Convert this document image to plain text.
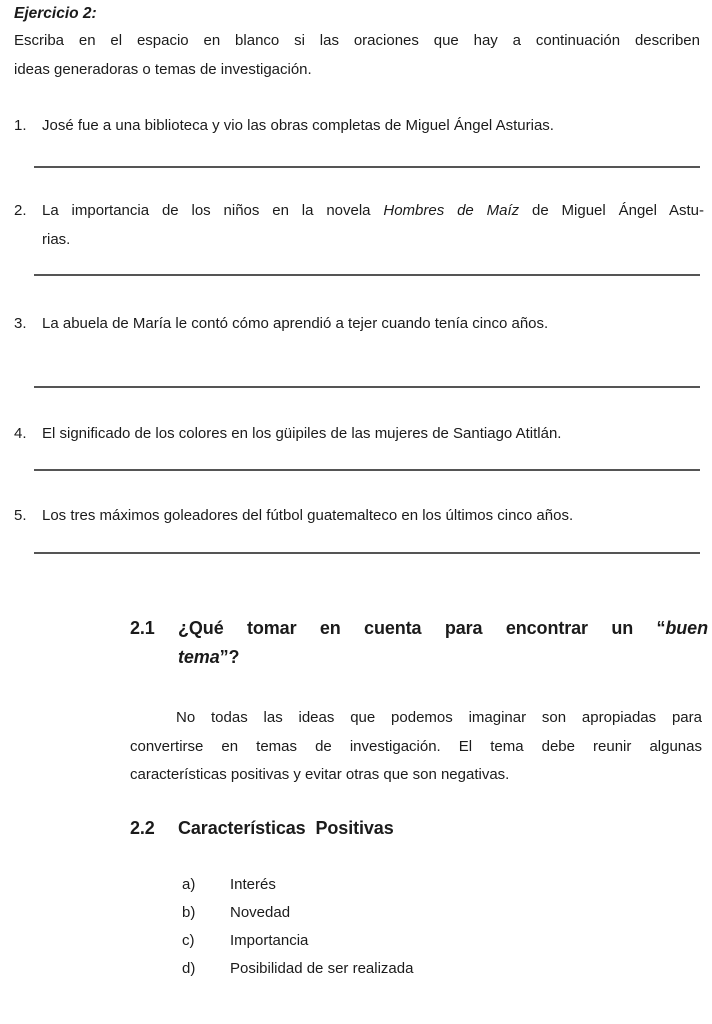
Ejercicio 2:
Escriba en el espacio en blanco si las oraciones que hay a continuación describen
ideas generadoras o temas de investigación.
1.	José fue a una biblioteca y vio las obras completas de Miguel Ángel Asturias.
2.	La importancia de los niños en la novela Hombres de Maíz de Miguel Ángel Astu-
rias.
3.	La abuela de María le contó cómo aprendió a tejer cuando tenía cinco años.
4.	El significado de los colores en los güipiles de las mujeres de Santiago Atitlán.
5.	Los tres máximos goleadores del fútbol guatemalteco en los últimos cinco años.
2.1	¿Qué tomar en cuenta para encontrar un “buen
tema”?
No todas las ideas que podemos imaginar son apropiadas para
convertirse en temas de investigación. El tema debe reunir algunas
características positivas y evitar otras que son negativas.
2.2	Características Positivas
a)	Interés
b)	Novedad
c)	Importancia
d)	Posibilidad de ser realizada
